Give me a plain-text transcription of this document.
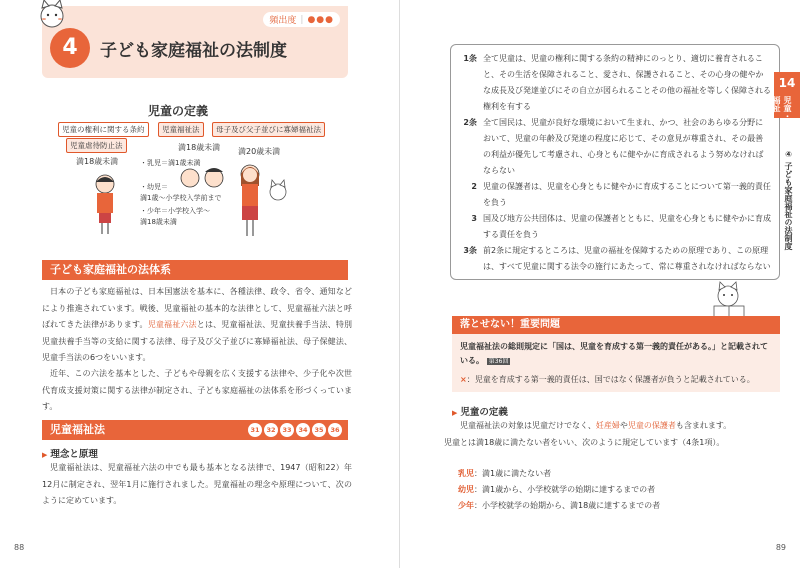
頻出度 | ●●●
4	子ども家庭福祉の法制度
児童の定義
児童の権利に関する条約	児童福祉法	母子及び父子並びに寡婦福祉法
児童虐待防止法
満18歳未満
満18歳未満 満20歳未満
・乳児＝満1歳未満
・幼児＝
満1歳〜小学校入学前まで
・少年＝小学校入学〜
満18歳未満
子ども家庭福祉の法体系
日本の子ども家庭福祉は、日本国憲法を基本に、各種法律、政令、省令、通知などにより推進されています。戦後、児童福祉の基本的な法律として、児童福祉六法と呼ばれてきた法律があります。児童福祉六法とは、児童福祉法、児童扶養手当法、特別児童扶養手当等の支給に関する法律、母子及び父子並びに寡婦福祉法、母子保健法、児童手当法の6つをいいます。
近年、この六法を基本とした、子どもや母親を広く支援する法律や、少子化や次世代育成支援対策に関する法律が制定され、子ども家庭福祉の法体系を形づくっています。
児童福祉法	31	32	33	34	35	36
▶ 理念と原理
児童福祉法は、児童福祉六法の中でも最も基本となる法律で、1947（昭和22）年12月に制定され、翌年1月に施行されました。児童福祉の理念や原理について、次のように定めています。
88
1条 全て児童は、児童の権利に関する条約の精神にのっとり、適切に養育されること、その生活を保障されること、愛され、保護されること、その心身の健やかな成長及び発達並びにその自立が図られることその他の福祉を等しく保障される権利を有する
2条 全て国民は、児童が良好な環境において生まれ、かつ、社会のあらゆる分野において、児童の年齢及び発達の程度に応じて、その意見が尊重され、その最善の利益が優先して考慮され、心身ともに健やかに育成されるよう努めなければならない
2 児童の保護者は、児童を心身ともに健やかに育成することについて第一義的責任を負う
3 国及び地方公共団体は、児童の保護者とともに、児童を心身ともに健やかに育成する責任を負う
3条 前2条に規定するところは、児童の福祉を保障するための原理であり、この原理は、すべて児童に関する法令の施行にあたって、常に尊重されなければならない
14
児童・家庭福祉
④ 子ども家庭福祉の法制度
落とせない！重要問題
児童福祉法の総則規定に「国は、児童を育成する第一義的責任がある。」と記載されている。 第36回
×：児童を育成する第一義的責任は、国ではなく保護者が負うと記載されている。
▶ 児童の定義
児童福祉法の対象は児童だけでなく、妊産婦や児童の保護者も含まれます。
児童とは満18歳に満たない者をいい、次のように規定しています（4条1項）。
乳児：満1歳に満たない者
幼児：満1歳から、小学校就学の始期に達するまでの者
少年：小学校就学の始期から、満18歳に達するまでの者
89
